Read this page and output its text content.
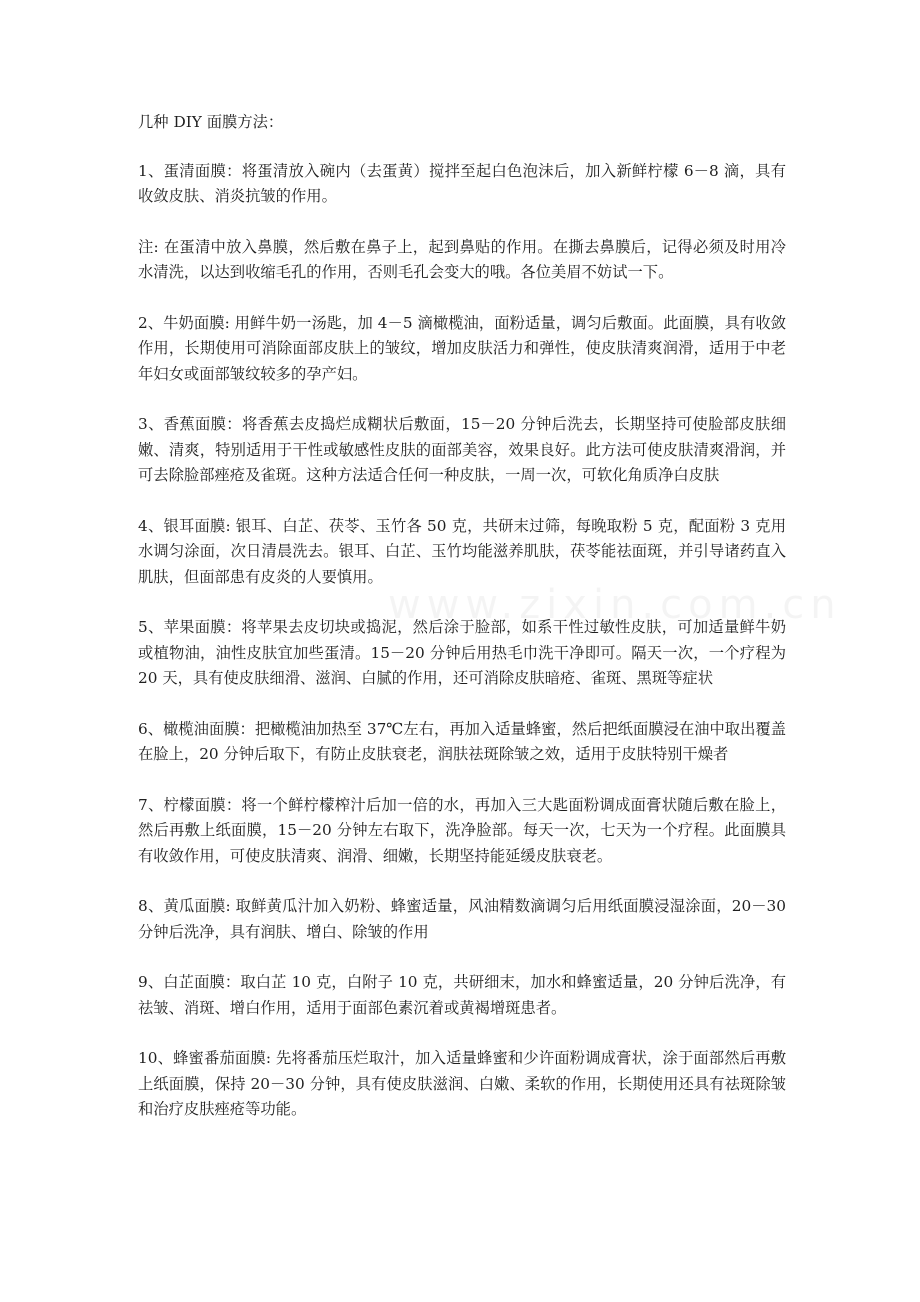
几种 DIY 面膜方法：
1、蛋清面膜：将蛋清放入碗内（去蛋黄）搅拌至起白色泡沫后，加入新鲜柠檬 6－8 滴，具有收敛皮肤、消炎抗皱的作用。
注: 在蛋清中放入鼻膜，然后敷在鼻子上，起到鼻贴的作用。在撕去鼻膜后，记得必须及时用冷水清洗，以达到收缩毛孔的作用，否则毛孔会变大的哦。各位美眉不妨试一下。
2、牛奶面膜: 用鲜牛奶一汤匙，加 4－5 滴橄榄油，面粉适量，调匀后敷面。此面膜，具有收敛作用，长期使用可消除面部皮肤上的皱纹，增加皮肤活力和弹性，使皮肤清爽润滑，适用于中老年妇女或面部皱纹较多的孕产妇。
3、香蕉面膜：将香蕉去皮捣烂成糊状后敷面，15－20 分钟后洗去，长期坚持可使脸部皮肤细嫩、清爽，特别适用于干性或敏感性皮肤的面部美容，效果良好。此方法可使皮肤清爽滑润，并可去除脸部痤疮及雀斑。这种方法适合任何一种皮肤，一周一次，可软化角质净白皮肤
4、银耳面膜: 银耳、白芷、茯苓、玉竹各 50 克，共研末过筛，每晚取粉 5 克，配面粉 3 克用水调匀涂面，次日清晨洗去。银耳、白芷、玉竹均能滋养肌肤，茯苓能祛面斑，并引导诸药直入肌肤，但面部患有皮炎的人要慎用。
5、苹果面膜：将苹果去皮切块或捣泥，然后涂于脸部，如系干性过敏性皮肤，可加适量鲜牛奶或植物油，油性皮肤宜加些蛋清。15－20 分钟后用热毛巾洗干净即可。隔天一次，一个疗程为 20 天，具有使皮肤细滑、滋润、白腻的作用，还可消除皮肤暗疮、雀斑、黑斑等症状
6、橄榄油面膜：把橄榄油加热至 37℃左右，再加入适量蜂蜜，然后把纸面膜浸在油中取出覆盖在脸上，20 分钟后取下，有防止皮肤衰老，润肤祛斑除皱之效，适用于皮肤特别干燥者
7、柠檬面膜：将一个鲜柠檬榨汁后加一倍的水，再加入三大匙面粉调成面膏状随后敷在脸上，然后再敷上纸面膜，15－20 分钟左右取下，洗净脸部。每天一次，七天为一个疗程。此面膜具有收敛作用，可使皮肤清爽、润滑、细嫩，长期坚持能延缓皮肤衰老。
8、黄瓜面膜: 取鲜黄瓜汁加入奶粉、蜂蜜适量，风油精数滴调匀后用纸面膜浸湿涂面，20－30 分钟后洗净，具有润肤、增白、除皱的作用
9、白芷面膜：取白芷 10 克，白附子 10 克，共研细末，加水和蜂蜜适量，20 分钟后洗净，有祛皱、消斑、增白作用，适用于面部色素沉着或黄褐增斑患者。
10、蜂蜜番茄面膜: 先将番茄压烂取汁，加入适量蜂蜜和少许面粉调成膏状，涂于面部然后再敷上纸面膜，保持 20－30 分钟，具有使皮肤滋润、白嫩、柔软的作用，长期使用还具有祛斑除皱和治疗皮肤痤疮等功能。
